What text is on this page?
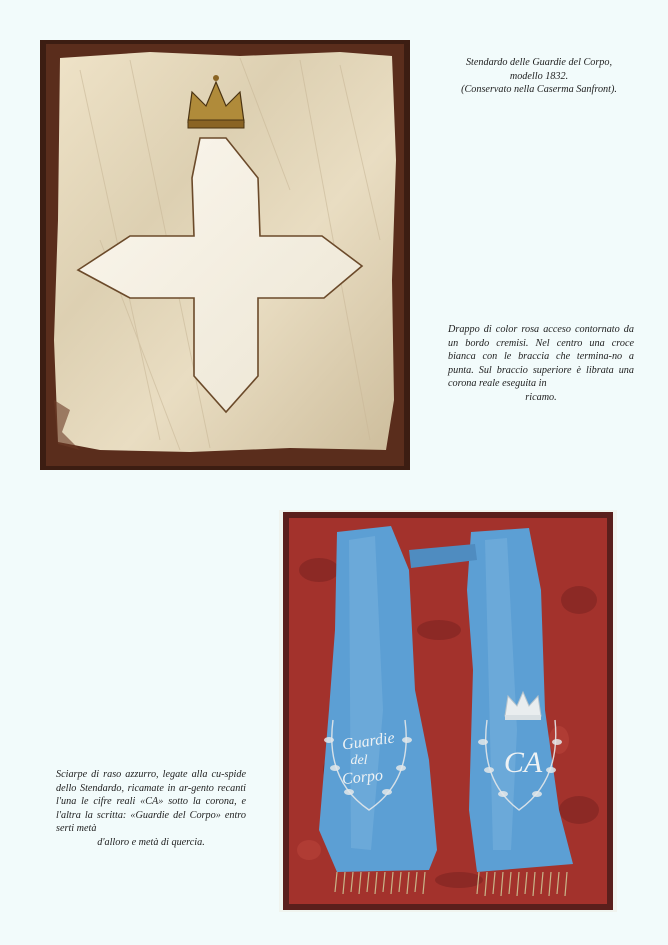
Stendardo delle Guardie del Corpo,
modello 1832.
(Conservato nella Caserma Sanfront).
Drappo di color rosa acceso contornato da un bordo cremisi. Nel centro una croce bianca con le braccia che termina-no a punta. Sul braccio superiore è librata una corona reale eseguita in
ricamo.
Guardie
del
Corpo	CA
Sciarpe di raso azzurro, legate alla cu-spide dello Stendardo, ricamate in ar-gento recanti l'una le cifre reali «CA» sotto la corona, e l'altra la scritta: «Guardie del Corpo» entro serti metà
d'alloro e metà di quercia.
